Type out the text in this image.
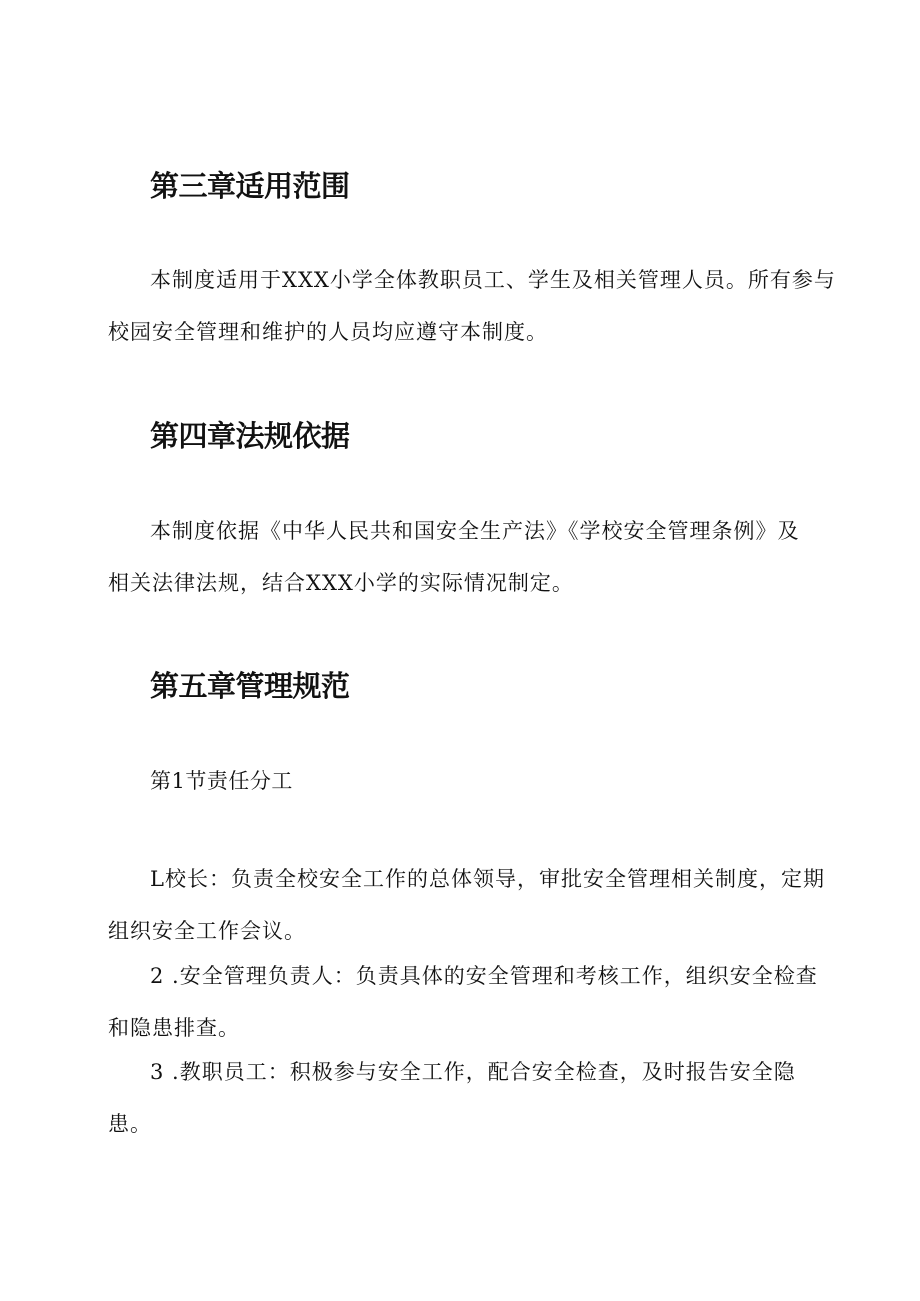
第三章适用范围

本制度适用于XXX小学全体教职员工、学生及相关管理人员。所有参与
校园安全管理和维护的人员均应遵守本制度。

第四章法规依据

本制度依据《中华人民共和国安全生产法》《学校安全管理条例》及
相关法律法规，结合XXX小学的实际情况制定。

第五章管理规范

第1节责任分工

L校长：负责全校安全工作的总体领导，审批安全管理相关制度，定期
组织安全工作会议。

2 .安全管理负责人：负责具体的安全管理和考核工作，组织安全检查
和隐患排查。

3 .教职员工：积极参与安全工作，配合安全检查，及时报告安全隐
患。
